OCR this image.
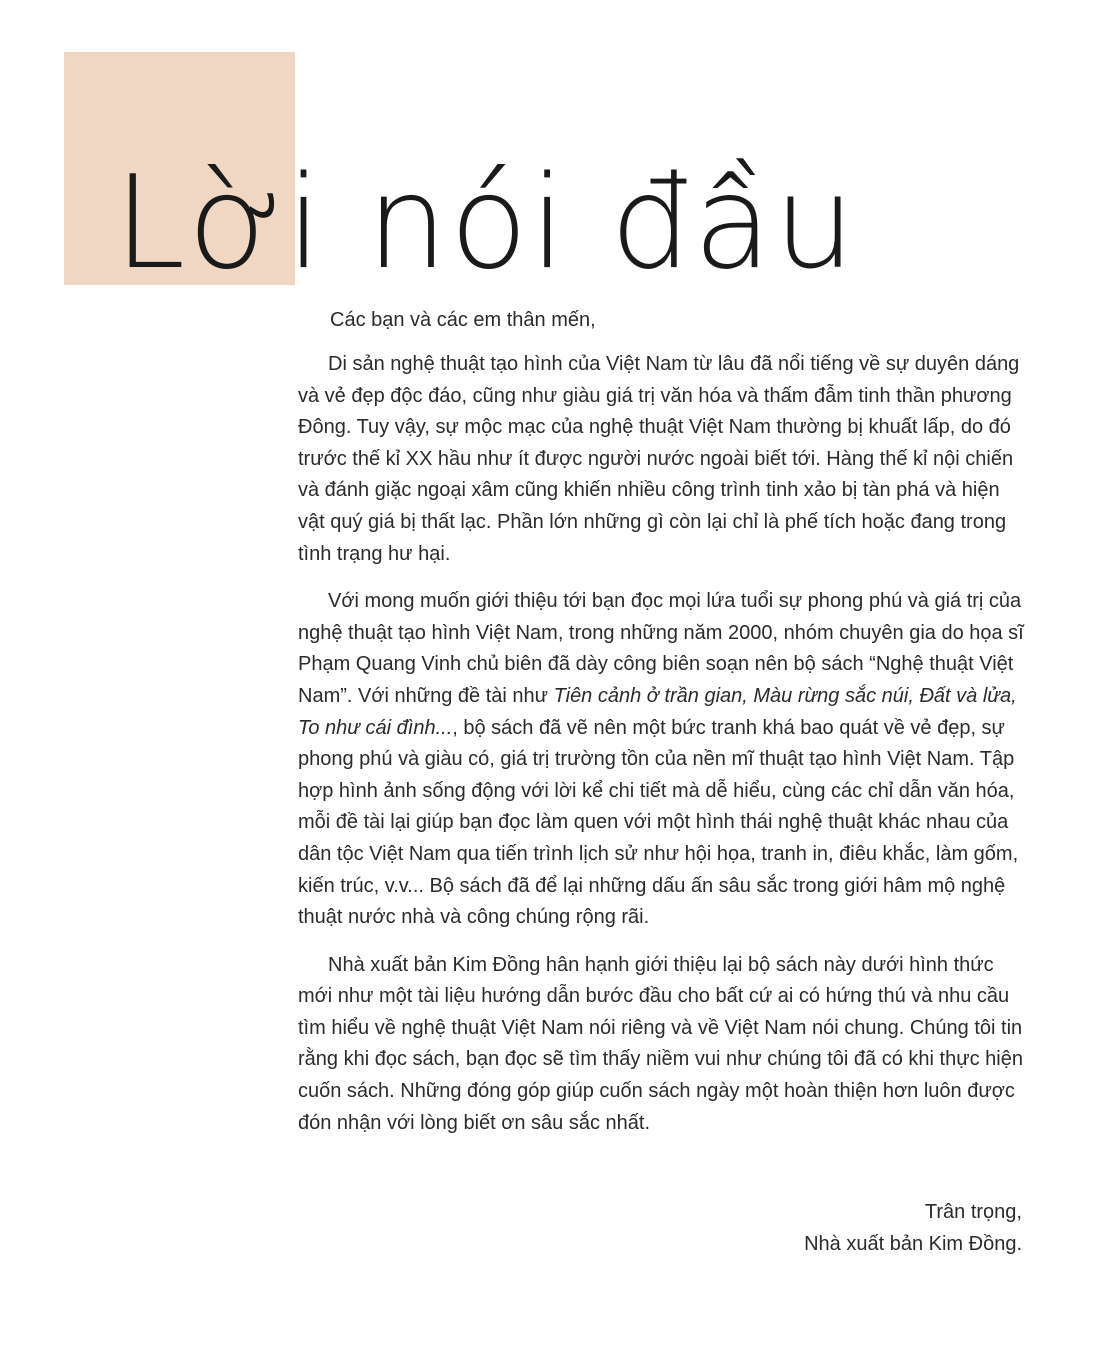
Lời nói đầu

Các bạn và các em thân mến,

Di sản nghệ thuật tạo hình của Việt Nam từ lâu đã nổi tiếng về sự duyên dáng và vẻ đẹp độc đáo, cũng như giàu giá trị văn hóa và thấm đẫm tinh thần phương Đông. Tuy vậy, sự mộc mạc của nghệ thuật Việt Nam thường bị khuất lấp, do đó trước thế kỉ XX hầu như ít được người nước ngoài biết tới. Hàng thế kỉ nội chiến và đánh giặc ngoại xâm cũng khiến nhiều công trình tinh xảo bị tàn phá và hiện vật quý giá bị thất lạc. Phần lớn những gì còn lại chỉ là phế tích hoặc đang trong tình trạng hư hại.

Với mong muốn giới thiệu tới bạn đọc mọi lứa tuổi sự phong phú và giá trị của nghệ thuật tạo hình Việt Nam, trong những năm 2000, nhóm chuyên gia do họa sĩ Phạm Quang Vinh chủ biên đã dày công biên soạn nên bộ sách “Nghệ thuật Việt Nam”. Với những đề tài như Tiên cảnh ở trần gian, Màu rừng sắc núi, Đất và lửa, To như cái đình..., bộ sách đã vẽ nên một bức tranh khá bao quát về vẻ đẹp, sự phong phú và giàu có, giá trị trường tồn của nền mĩ thuật tạo hình Việt Nam. Tập hợp hình ảnh sống động với lời kể chi tiết mà dễ hiểu, cùng các chỉ dẫn văn hóa, mỗi đề tài lại giúp bạn đọc làm quen với một hình thái nghệ thuật khác nhau của dân tộc Việt Nam qua tiến trình lịch sử như hội họa, tranh in, điêu khắc, làm gốm, kiến trúc, v.v... Bộ sách đã để lại những dấu ấn sâu sắc trong giới hâm mộ nghệ thuật nước nhà và công chúng rộng rãi.

Nhà xuất bản Kim Đồng hân hạnh giới thiệu lại bộ sách này dưới hình thức mới như một tài liệu hướng dẫn bước đầu cho bất cứ ai có hứng thú và nhu cầu tìm hiểu về nghệ thuật Việt Nam nói riêng và về Việt Nam nói chung. Chúng tôi tin rằng khi đọc sách, bạn đọc sẽ tìm thấy niềm vui như chúng tôi đã có khi thực hiện cuốn sách. Những đóng góp giúp cuốn sách ngày một hoàn thiện hơn luôn được đón nhận với lòng biết ơn sâu sắc nhất.

Trân trọng,
Nhà xuất bản Kim Đồng.
